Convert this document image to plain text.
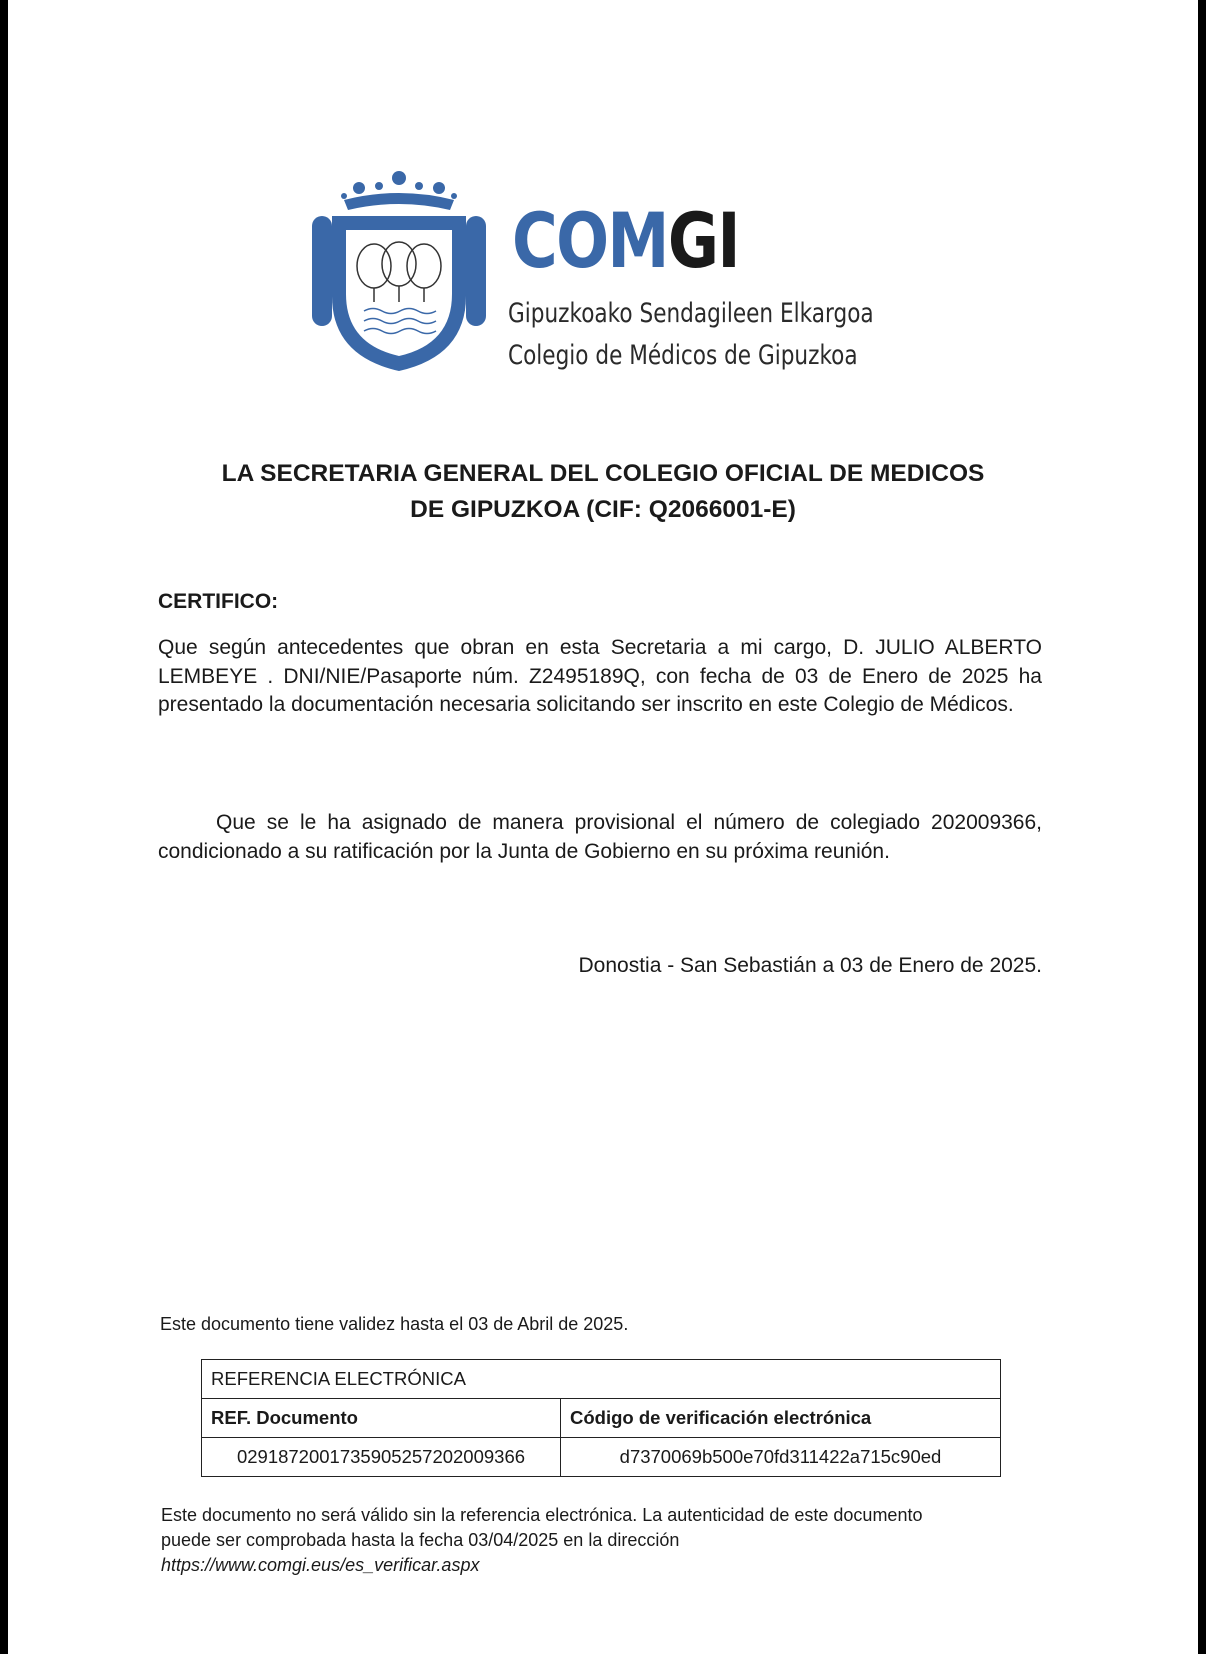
COMGI
Gipuzkoako Sendagileen Elkargoa
Colegio de Médicos de Gipuzkoa
LA SECRETARIA GENERAL DEL COLEGIO OFICIAL DE MEDICOS
DE GIPUZKOA (CIF: Q2066001-E)
CERTIFICO:
Que según antecedentes que obran en esta Secretaria a mi cargo, D. JULIO ALBERTO LEMBEYE . DNI/NIE/Pasaporte núm. Z2495189Q, con fecha de 03 de Enero de 2025 ha presentado la documentación necesaria solicitando ser inscrito en este Colegio de Médicos.
Que se le ha asignado de manera provisional el número de colegiado 202009366, condicionado a su ratificación por la Junta de Gobierno en su próxima reunión.
Donostia - San Sebastián a 03 de Enero de 2025.
Este documento tiene validez hasta el 03 de Abril de 2025.
REFERENCIA ELECTRÓNICA	
REF. Documento	Código de verificación electrónica
029187200173590525720200936​6	d7370069b500e70fd311422a715c90ed
Este documento no será válido sin la referencia electrónica. La autenticidad de este documento puede ser comprobada hasta la fecha 03/04/2025 en la dirección
https://www.comgi.eus/es_verificar.aspx
